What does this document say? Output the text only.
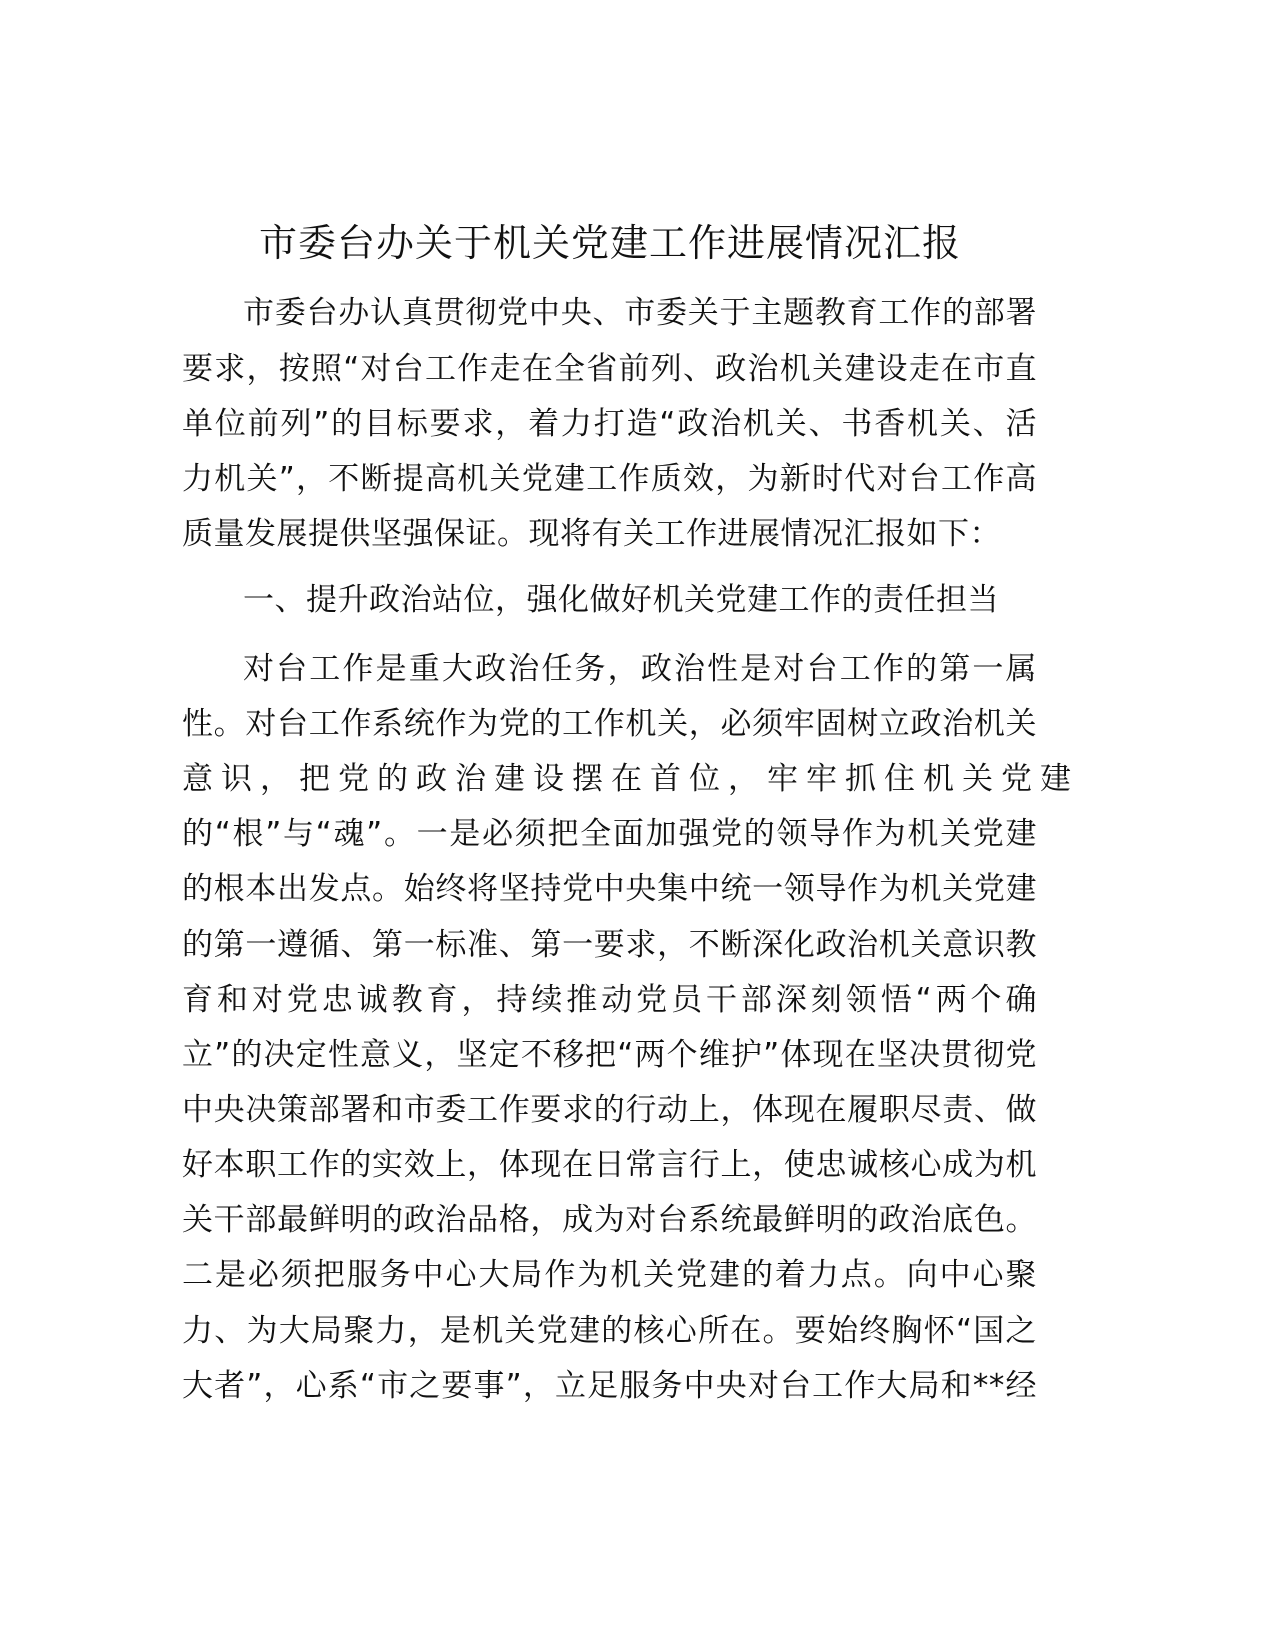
市委台办关于机关党建工作进展情况汇报

市委台办认真贯彻党中央、市委关于主题教育工作的部署

要求，按照“对台工作走在全省前列、政治机关建设走在市直

单位前列”的目标要求，着力打造“政治机关、书香机关、活

力机关”，不断提高机关党建工作质效，为新时代对台工作高

质量发展提供坚强保证。现将有关工作进展情况汇报如下：

一、提升政治站位，强化做好机关党建工作的责任担当

对台工作是重大政治任务，政治性是对台工作的第一属

性。对台工作系统作为党的工作机关，必须牢固树立政治机关

意识，把党的政治建设摆在首位，牢牢抓住机关党建

的“根”与“魂”。一是必须把全面加强党的领导作为机关党建

的根本出发点。始终将坚持党中央集中统一领导作为机关党建

的第一遵循、第一标准、第一要求，不断深化政治机关意识教

育和对党忠诚教育，持续推动党员干部深刻领悟“两个确

立”的决定性意义，坚定不移把“两个维护”体现在坚决贯彻党

中央决策部署和市委工作要求的行动上，体现在履职尽责、做

好本职工作的实效上，体现在日常言行上，使忠诚核心成为机

关干部最鲜明的政治品格，成为对台系统最鲜明的政治底色。

二是必须把服务中心大局作为机关党建的着力点。向中心聚

力、为大局聚力，是机关党建的核心所在。要始终胸怀“国之

大者”，心系“市之要事”，立足服务中央对台工作大局和**经
